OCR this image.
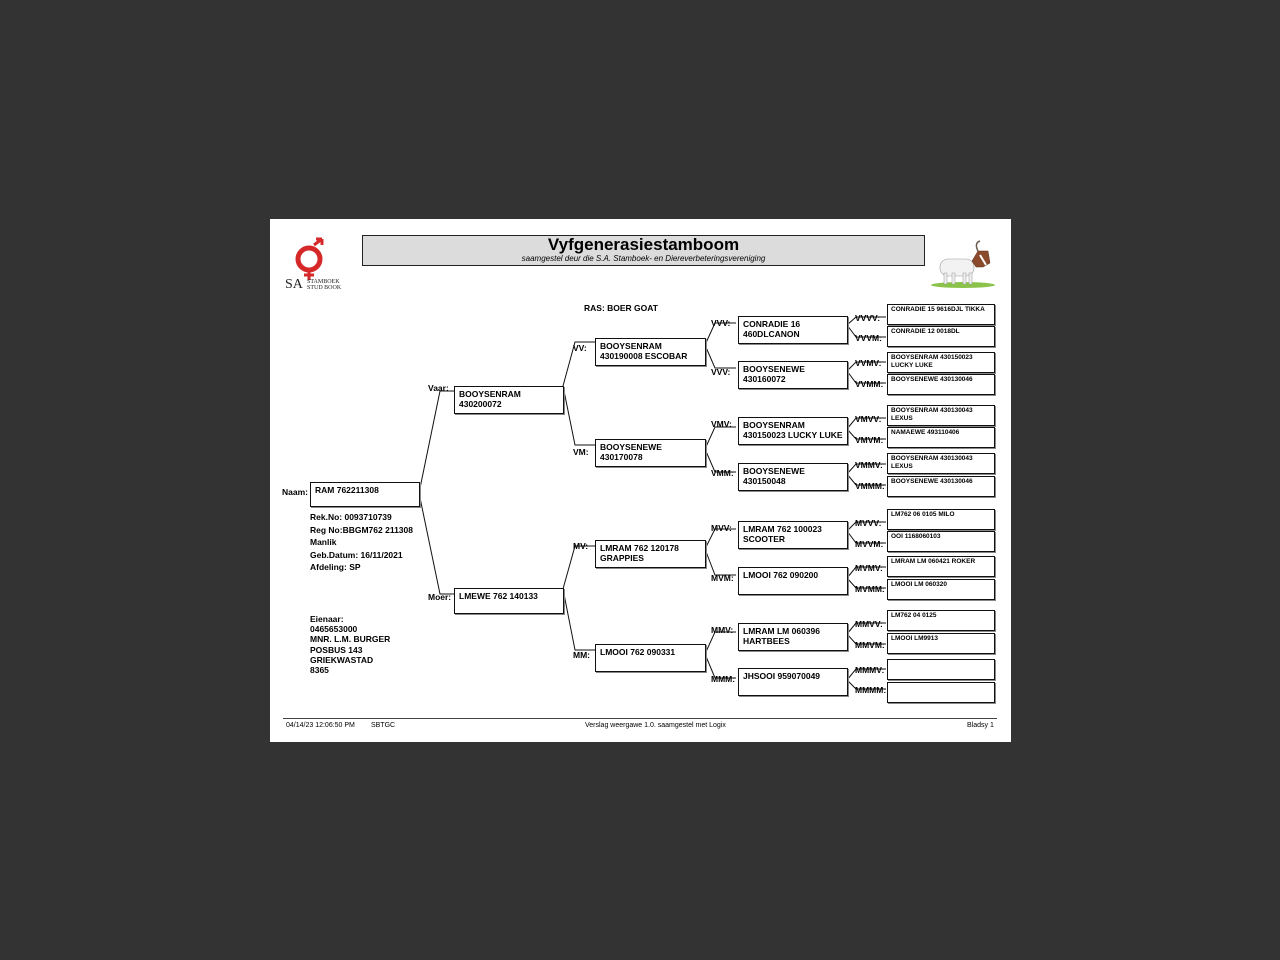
SA STAMBOEK
STUD BOOK
Vyfgenerasiestamboom
saamgestel deur die S.A. Stamboek- en Diereverbeteringsvereniging
RAS: BOER GOAT
Naam: RAM 762211308
Rek.No: 0093710739
Reg No:BBGM762 211308
Manlik
Geb.Datum: 16/11/2021
Afdeling: SP
Eienaar:
0465653000
MNR. L.M. BURGER
POSBUS 143
GRIEKWASTAD
8365
Vaar:
BOOYSENRAM 430200072
Moer: LMEWE 762 140133
VV:	BOOYSENRAM 430190008 ESCOBAR
VM:	BOOYSENEWE 430170078
MV:	LMRAM 762 120178 GRAPPIES
MM:	LMOOI 762 090331
VVV:	CONRADIE 16 460DLCANON
VVV:	BOOYSENEWE 430160072
VMV:	BOOYSENRAM 430150023 LUCKY LUKE
VMM:	BOOYSENEWE 430150048
MVV:	LMRAM 762 100023 SCOOTER
MVM:	LMOOI 762 090200
MMV:	LMRAM LM 060396 HARTBEES
MMM: JHSOOI 959070049
VVVV:
CONRADIE 15 9616DJL TIKKA
VVVM:
CONRADIE 12 0018DL
VVMV:
BOOYSENRAM 430150023 LUCKY LUKE
VVMM:	BOOYSENEWE 430130046
VMVV:
BOOYSENRAM 430130043 LEXUS
VMVM:
NAMAEWE 493110406
VMMV:
BOOYSENRAM 430130043 LEXUS
VMMM: BOOYSENEWE 430130046
MVVV:
LM762 06 0105 MILO
MVVM:
OOI 1168060103
MVMV:
LMRAM LM 060421 ROKER
MVMM: LMOOI LM 060320
MMVV:
LM762 04 0125
MMVM:
LMOOI LM9913
MMMV:
MMMM:
04/14/23 12:06:50 PM SBTGC	Verslag weergawe 1.0. saamgestel met Logix	Bladsy 1
